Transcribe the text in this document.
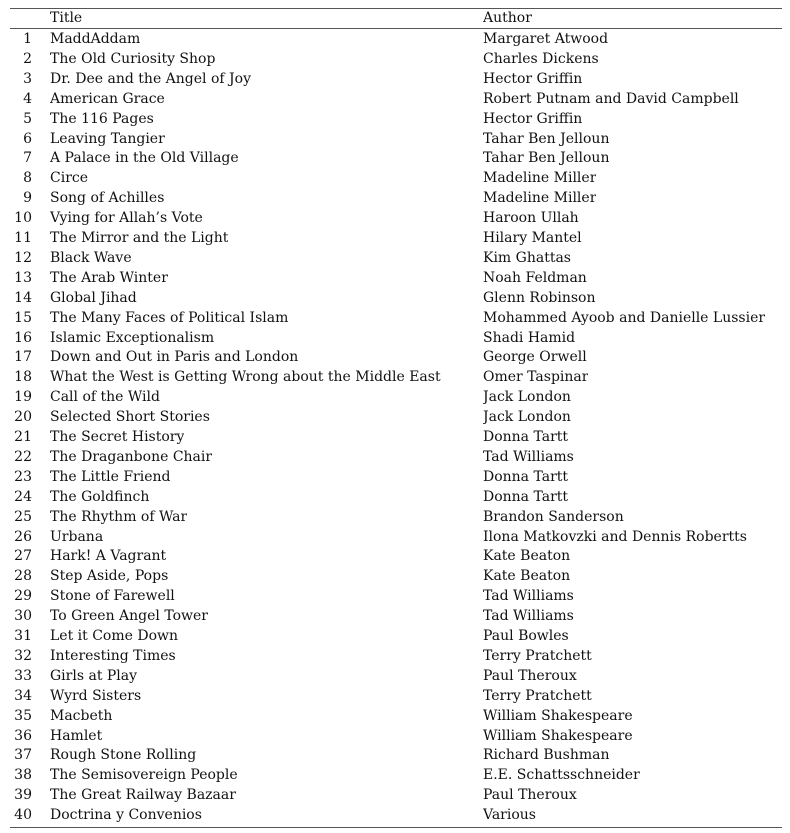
Title	Author
1 MaddAddam	Margaret Atwood
2 The Old Curiosity Shop	Charles Dickens
3 Dr. Dee and the Angel of Joy	Hector Griffin
4 American Grace	Robert Putnam and David Campbell
5 The 116 Pages	Hector Griffin
6 Leaving Tangier	Tahar Ben Jelloun
7 A Palace in the Old Village	Tahar Ben Jelloun
8 Circe	Madeline Miller
9 Song of Achilles	Madeline Miller
10 Vying for Allah’s Vote	Haroon Ullah
11 The Mirror and the Light	Hilary Mantel
12 Black Wave	Kim Ghattas
13 The Arab Winter	Noah Feldman
14 Global Jihad	Glenn Robinson
15 The Many Faces of Political Islam	Mohammed Ayoob and Danielle Lussier
16 Islamic Exceptionalism	Shadi Hamid
17 Down and Out in Paris and London	George Orwell
18 What the West is Getting Wrong about the Middle East	Omer Taspinar
19 Call of the Wild	Jack London
20 Selected Short Stories	Jack London
21 The Secret History	Donna Tartt
22 The Draganbone Chair	Tad Williams
23 The Little Friend	Donna Tartt
24 The Goldfinch	Donna Tartt
25 The Rhythm of War	Brandon Sanderson
26 Urbana	Ilona Matkovzki and Dennis Robertts
27 Hark! A Vagrant	Kate Beaton
28 Step Aside, Pops	Kate Beaton
29 Stone of Farewell	Tad Williams
30 To Green Angel Tower	Tad Williams
31 Let it Come Down	Paul Bowles
32 Interesting Times	Terry Pratchett
33 Girls at Play	Paul Theroux
34 Wyrd Sisters	Terry Pratchett
35 Macbeth	William Shakespeare
36 Hamlet	William Shakespeare
37 Rough Stone Rolling	Richard Bushman
38 The Semisovereign People	E.E. Schattsschneider
39 The Great Railway Bazaar	Paul Theroux
40 Doctrina y Convenios	Various
